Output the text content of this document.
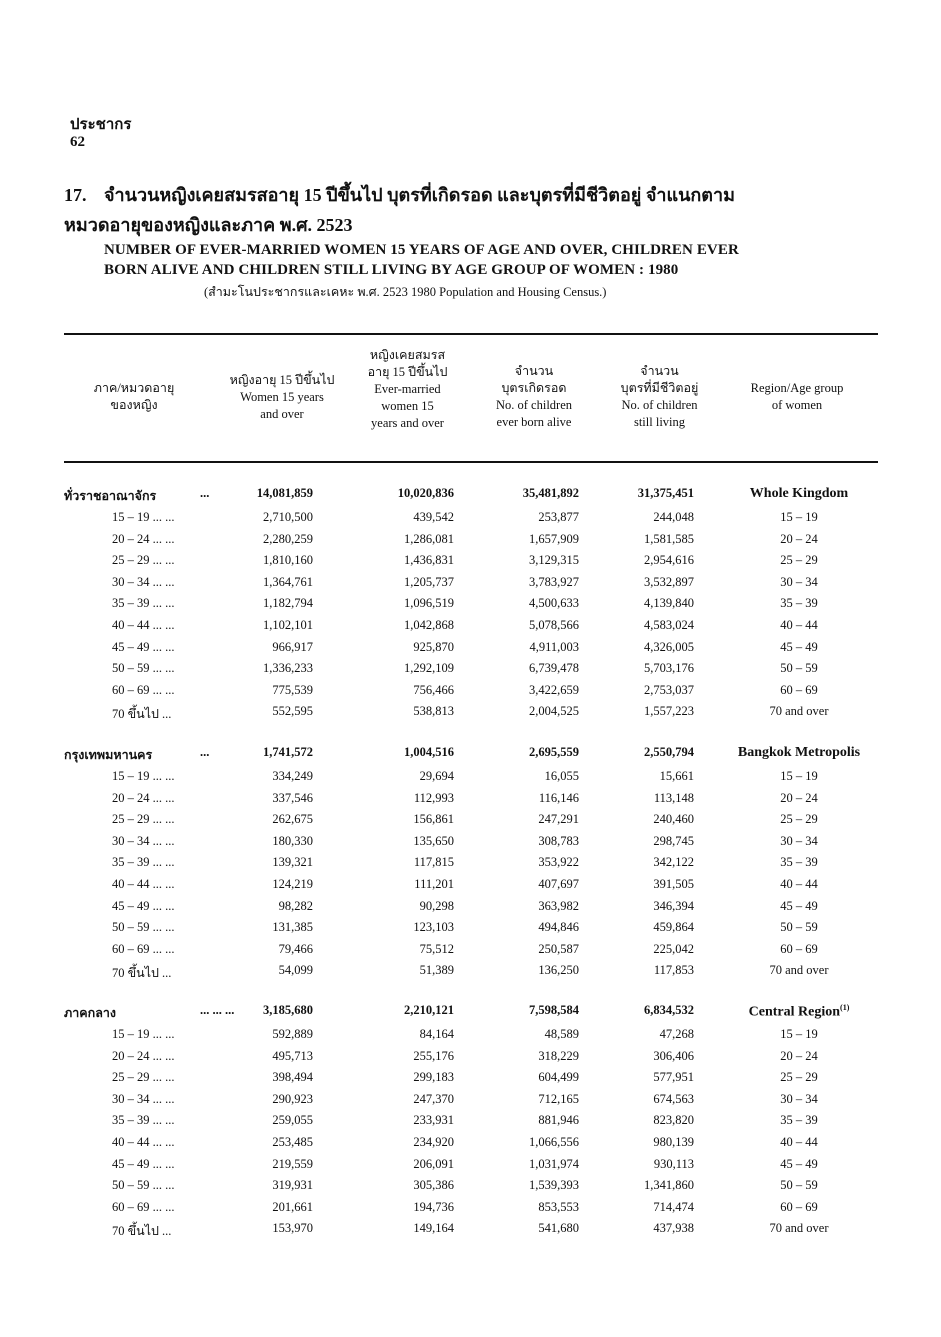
ประชากร
62
17. จำนวนหญิงเคยสมรสอายุ 15 ปีขึ้นไป บุตรที่เกิดรอด และบุตรที่มีชีวิตอยู่ จำแนกตาม
หมวดอายุของหญิงและภาค พ.ศ. 2523
NUMBER OF EVER-MARRIED WOMEN 15 YEARS OF AGE AND OVER, CHILDREN EVER
BORN ALIVE AND CHILDREN STILL LIVING BY AGE GROUP OF WOMEN : 1980
(สำมะโนประชากรและเคหะ พ.ศ. 2523 1980 Population and Housing Census.)
ภาค/หมวดอายุ
ของหญิง
หญิงอายุ 15 ปีขึ้นไป
Women 15 years
and over
หญิงเคยสมรส
อายุ 15 ปีขึ้นไป
Ever-married
women 15
years and over
จำนวน
บุตรเกิดรอด
No. of children
ever born alive
จำนวน
บุตรที่มีชีวิตอยู่
No. of children
still living
Region/Age group
of women
ทั่วราชอาณาจักร	...	14,081,859	10,020,836	35,481,892	31,375,451	Whole Kingdom
15 – 19 ... ...	2,710,500	439,542	253,877	244,048	15 – 19
20 – 24 ... ...	2,280,259	1,286,081	1,657,909	1,581,585	20 – 24
25 – 29 ... ...	1,810,160	1,436,831	3,129,315	2,954,616	25 – 29
30 – 34 ... ...	1,364,761	1,205,737	3,783,927	3,532,897	30 – 34
35 – 39 ... ...	1,182,794	1,096,519	4,500,633	4,139,840	35 – 39
40 – 44 ... ...	1,102,101	1,042,868	5,078,566	4,583,024	40 – 44
45 – 49 ... ...	966,917	925,870	4,911,003	4,326,005	45 – 49
50 – 59 ... ...	1,336,233	1,292,109	6,739,478	5,703,176	50 – 59
60 – 69 ... ...	775,539	756,466	3,422,659	2,753,037	60 – 69
70 ขึ้นไป ...	552,595	538,813	2,004,525	1,557,223	70 and over
กรุงเทพมหานคร	...	1,741,572	1,004,516	2,695,559	2,550,794	Bangkok Metropolis
15 – 19 ... ...	334,249	29,694	16,055	15,661	15 – 19
20 – 24 ... ...	337,546	112,993	116,146	113,148	20 – 24
25 – 29 ... ...	262,675	156,861	247,291	240,460	25 – 29
30 – 34 ... ...	180,330	135,650	308,783	298,745	30 – 34
35 – 39 ... ...	139,321	117,815	353,922	342,122	35 – 39
40 – 44 ... ...	124,219	111,201	407,697	391,505	40 – 44
45 – 49 ... ...	98,282	90,298	363,982	346,394	45 – 49
50 – 59 ... ...	131,385	123,103	494,846	459,864	50 – 59
60 – 69 ... ...	79,466	75,512	250,587	225,042	60 – 69
70 ขึ้นไป ...	54,099	51,389	136,250	117,853	70 and over
ภาคกลาง	... ... ... 3,185,680	2,210,121	7,598,584	6,834,532	Central Region$^{(1)}$
15 – 19 ... ...	592,889	84,164	48,589	47,268	15 – 19
20 – 24 ... ...	495,713	255,176	318,229	306,406	20 – 24
25 – 29 ... ...	398,494	299,183	604,499	577,951	25 – 29
30 – 34 ... ...	290,923	247,370	712,165	674,563	30 – 34
35 – 39 ... ...	259,055	233,931	881,946	823,820	35 – 39
40 – 44 ... ...	253,485	234,920	1,066,556	980,139	40 – 44
45 – 49 ... ...	219,559	206,091	1,031,974	930,113	45 – 49
50 – 59 ... ...	319,931	305,386	1,539,393	1,341,860	50 – 59
60 – 69 ... ...	201,661	194,736	853,553	714,474	60 – 69
70 ขึ้นไป ...	153,970	149,164	541,680	437,938	70 and over
